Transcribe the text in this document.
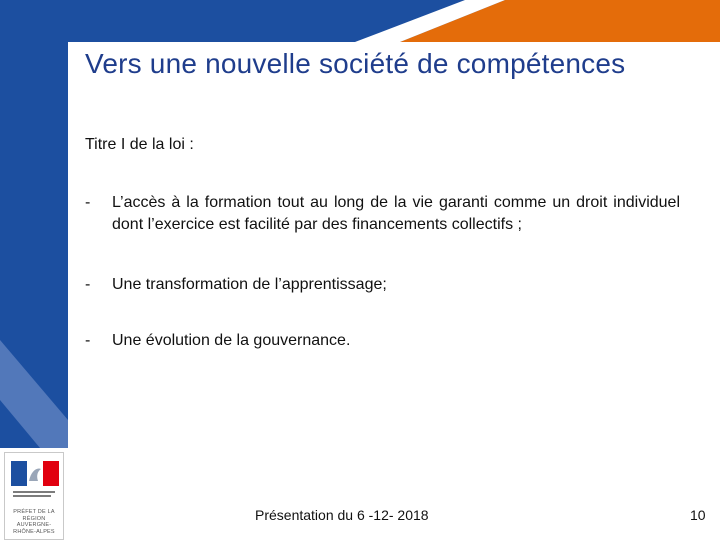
Vers une nouvelle société de compétences

Titre I de la loi :

-	L’accès à la formation tout au long de la vie garanti comme un droit individuel dont l’exercice est facilité par des financements collectifs ;
-	Une transformation de l’apprentissage;
-	Une évolution de la gouvernance.
PRÉFET DE LA RÉGION AUVERGNE- RHÔNE-ALPES
Présentation du 6 -12- 2018	10
